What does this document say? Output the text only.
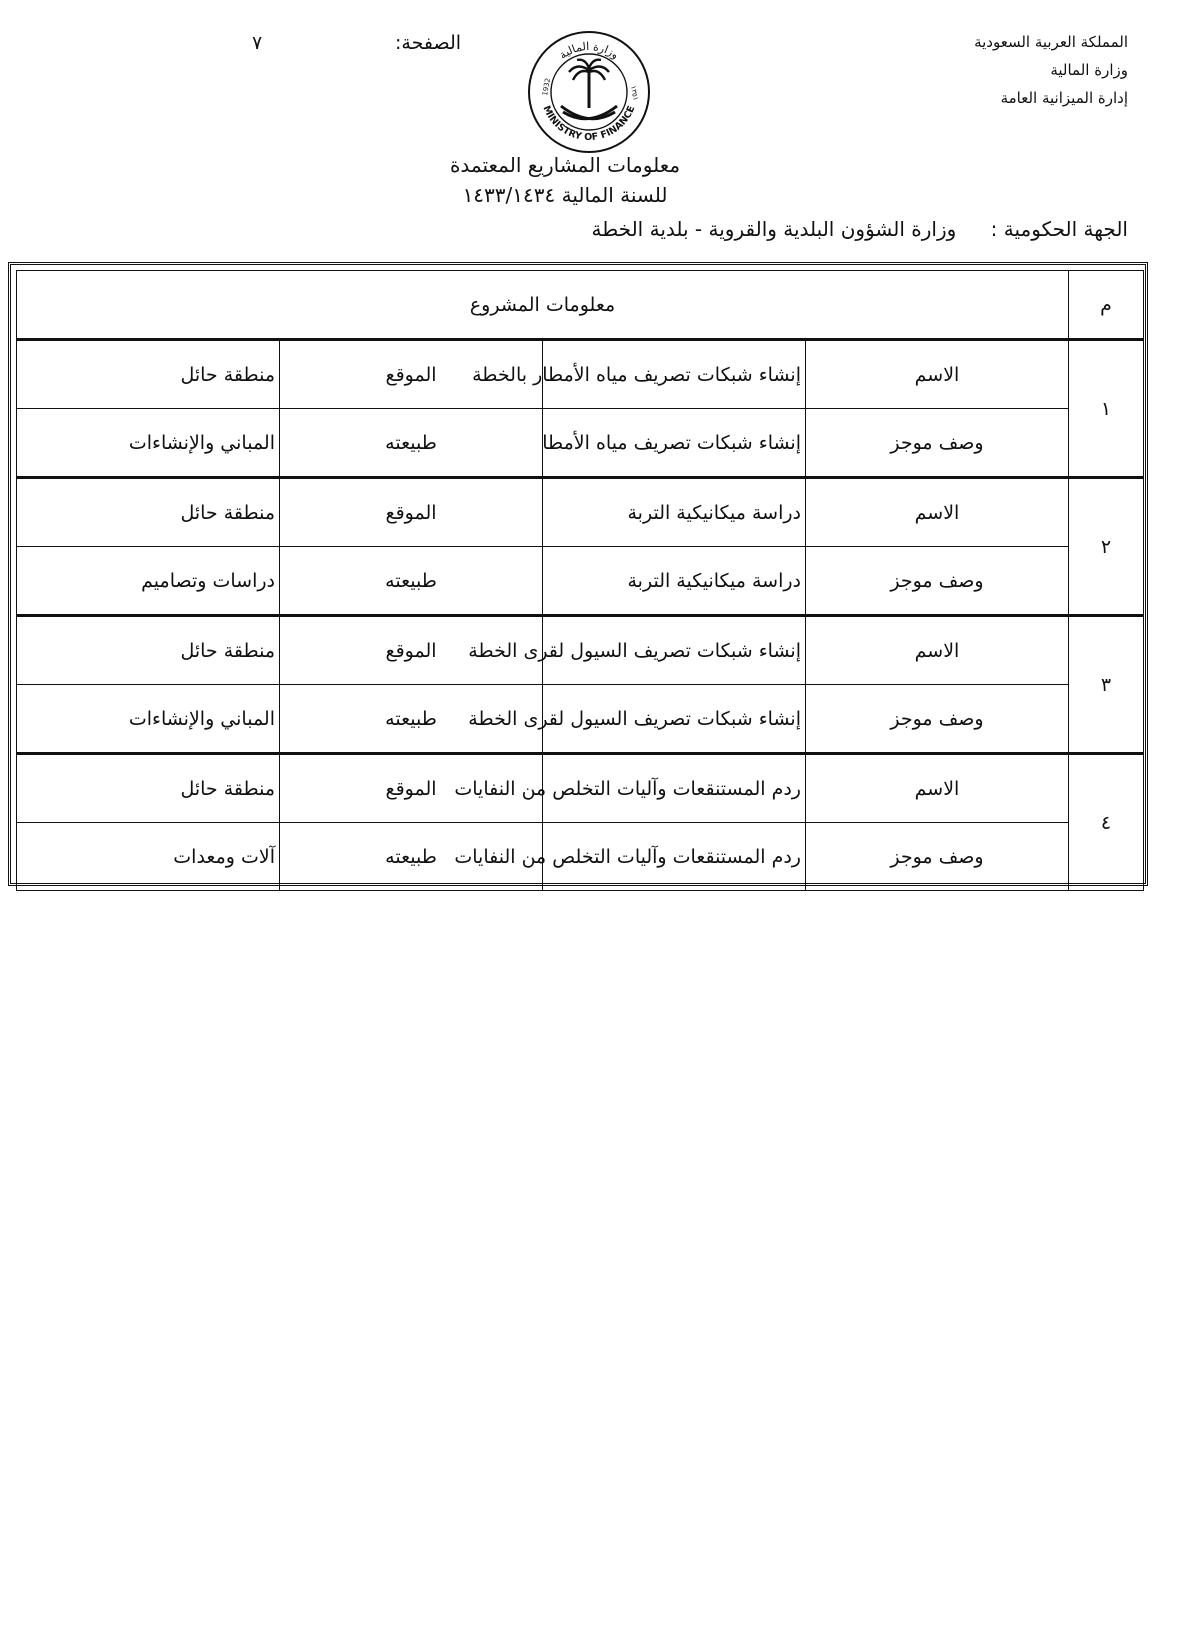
المملكة العربية السعودية
وزارة المالية
إدارة الميزانية العامة
الصفحة:
٧
وزارة المالية
MINISTRY OF FINANCE
1932	١٣٥١
معلومات المشاريع المعتمدة
للسنة المالية ١٤٣٣/١٤٣٤
الجهة الحكومية : وزارة الشؤون البلدية والقروية - بلدية الخطة
م	معلومات المشروع			
١	الاسم	إنشاء شبكات تصريف مياه الأمطار بالخطة	الموقع	منطقة حائل
	وصف موجز	إنشاء شبكات تصريف مياه الأمطا	طبيعته	المباني والإنشاءات
٢	الاسم	دراسة ميكانيكية التربة	الموقع	منطقة حائل
	وصف موجز	دراسة ميكانيكية التربة	طبيعته	دراسات وتصاميم
٣	الاسم	إنشاء شبكات تصريف السيول لقرى الخطة	الموقع	منطقة حائل
	وصف موجز	إنشاء شبكات تصريف السيول لقرى الخطة	طبيعته	المباني والإنشاءات
٤	الاسم	ردم المستنقعات وآليات التخلص من النفايات	الموقع	منطقة حائل
	وصف موجز	ردم المستنقعات وآليات التخلص من النفايات	طبيعته	آلات ومعدات
